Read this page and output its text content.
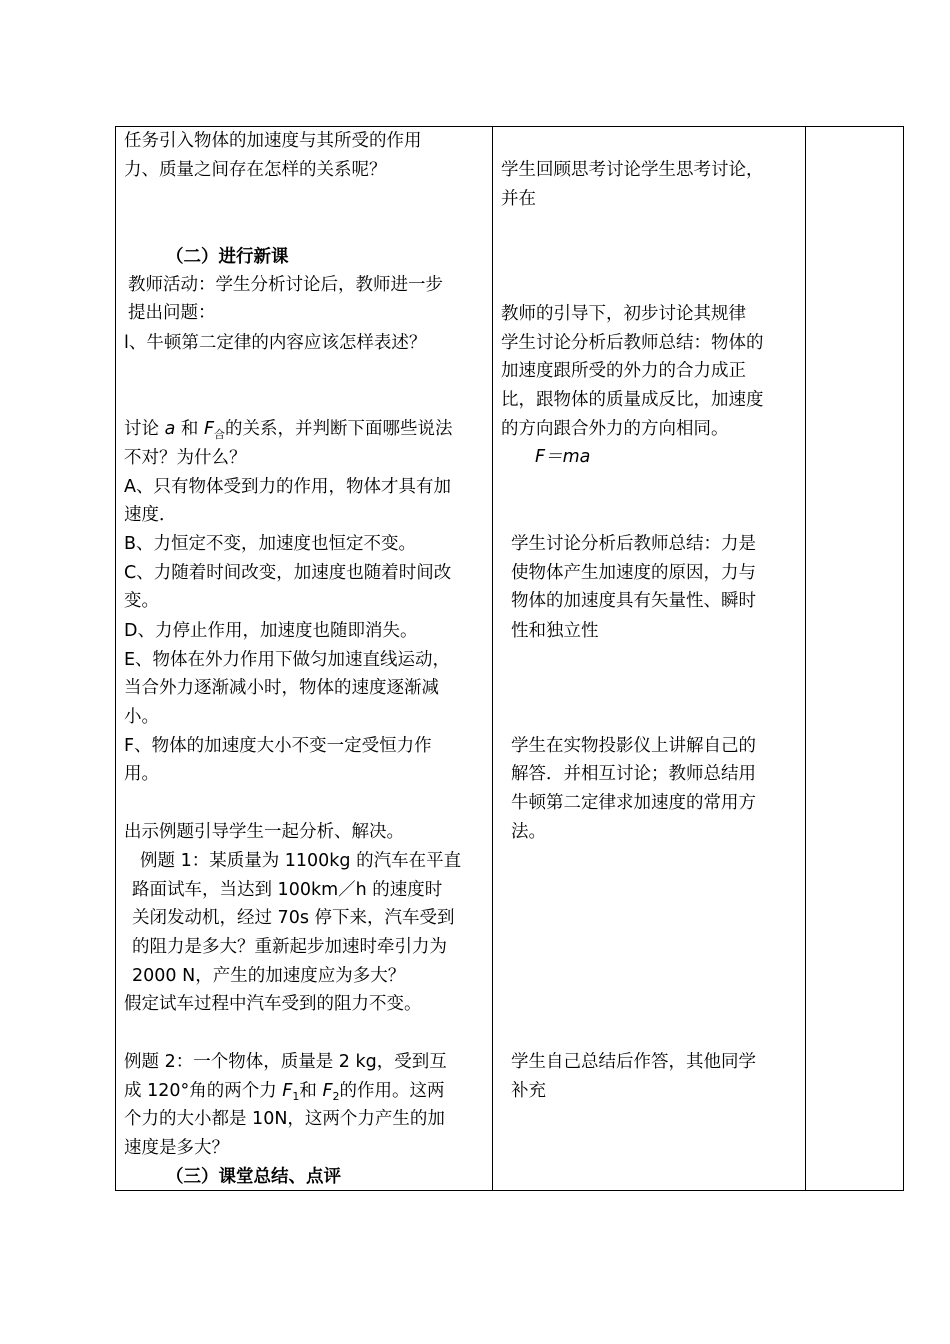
任务引入物体的加速度与其所受的作用
力、质量之间存在怎样的关系呢？
（二）进行新课
教师活动：学生分析讨论后，教师进一步
提出问题：
l、牛顿第二定律的内容应该怎样表述？
讨论 a 和 $F_合$的关系，并判断下面哪些说法
不对？为什么？
A、只有物体受到力的作用，物体才具有加
速度．
B、力恒定不变，加速度也恒定不变。
C、力随着时间改变，加速度也随着时间改
变。
D、力停止作用，加速度也随即消失。
E、物体在外力作用下做匀加速直线运动，
当合外力逐渐减小时，物体的速度逐渐减
小。
F、物体的加速度大小不变一定受恒力作
用。
出示例题引导学生一起分析、解决。
例题 1：某质量为 1100kg 的汽车在平直
路面试车，当达到 100km／h 的速度时
关闭发动机，经过 70s 停下来，汽车受到
的阻力是多大？重新起步加速时牵引力为
2000 N，产生的加速度应为多大？
假定试车过程中汽车受到的阻力不变。
例题 2：一个物体，质量是 2 kg，受到互
成 120°角的两个力 $F_1$和 $F_2$的作用。这两
个力的大小都是 10N，这两个力产生的加
速度是多大？
（三）课堂总结、点评

学生回顾思考讨论学生思考讨论，
并在
教师的引导下，初步讨论其规律
学生讨论分析后教师总结：物体的
加速度跟所受的外力的合力成正
比，跟物体的质量成反比，加速度
的方向跟合外力的方向相同。
F＝ma
学生讨论分析后教师总结：力是
使物体产生加速度的原因，力与
物体的加速度具有矢量性、瞬时
性和独立性
学生在实物投影仪上讲解自己的
解答．并相互讨论；教师总结用
牛顿第二定律求加速度的常用方
法。
学生自己总结后作答，其他同学
补充
